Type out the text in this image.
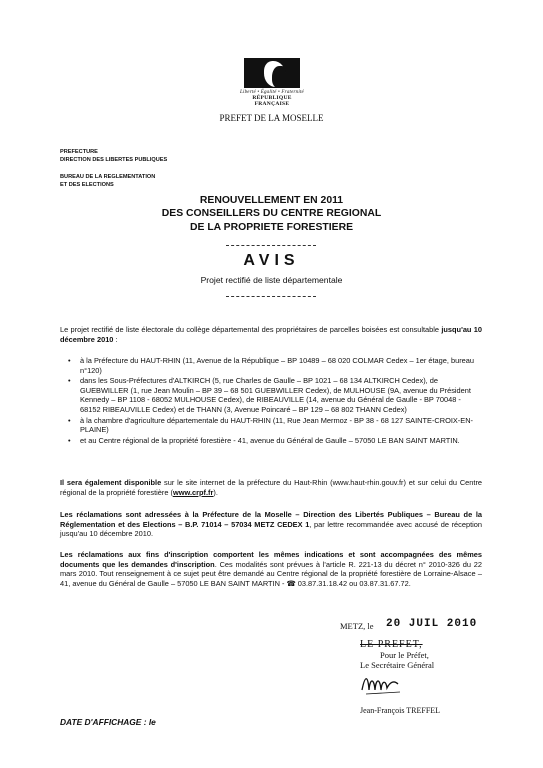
Liberté • Égalité • Fraternité
RÉPUBLIQUE FRANÇAISE
PREFET DE LA MOSELLE
PREFECTURE
DIRECTION DES LIBERTES PUBLIQUES
BUREAU DE LA REGLEMENTATION
ET DES ELECTIONS
RENOUVELLEMENT EN 2011
DES CONSEILLERS DU CENTRE REGIONAL
DE LA PROPRIETE FORESTIERE
AVIS
Projet rectifié de liste départementale
Le projet rectifié de liste électorale du collège départemental des propriétaires de parcelles boisées est consultable jusqu'au 10 décembre 2010 :
• à la Préfecture du HAUT-RHIN (11, Avenue de la République – BP 10489 – 68 020 COLMAR Cedex – 1er étage, bureau n°120)
• dans les Sous-Préfectures d'ALTKIRCH (5, rue Charles de Gaulle – BP 1021 – 68 134 ALTKIRCH Cedex), de GUEBWILLER (1, rue Jean Moulin – BP 39 – 68 501 GUEBWILLER Cedex), de MULHOUSE (9A, avenue du Président Kennedy – BP 1108 - 68052 MULHOUSE Cedex), de RIBEAUVILLE (14, avenue du Général de Gaulle - BP 70048 - 68152 RIBEAUVILLE Cedex) et de THANN (3, Avenue Poincaré – BP 129 – 68 802 THANN Cedex)
• à la chambre d'agriculture départementale du HAUT-RHIN (11, Rue Jean Mermoz - BP 38 - 68 127 SAINTE-CROIX-EN-PLAINE)
• et au Centre régional de la propriété forestière - 41, avenue du Général de Gaulle – 57050 LE BAN SAINT MARTIN.
Il sera également disponible sur le site internet de la préfecture du Haut-Rhin (www.haut-rhin.gouv.fr) et sur celui du Centre régional de la propriété forestière (www.crpf.fr).
Les réclamations sont adressées à la Préfecture de la Moselle – Direction des Libertés Publiques – Bureau de la Réglementation et des Elections – B.P. 71014 – 57034 METZ CEDEX 1, par lettre recommandée avec accusé de réception jusqu'au 10 décembre 2010.
Les réclamations aux fins d'inscription comportent les mêmes indications et sont accompagnées des mêmes documents que les demandes d'inscription. Ces modalités sont prévues à l'article R. 221-13 du décret n° 2010-326 du 22 mars 2010. Tout renseignement à ce sujet peut être demandé au Centre régional de la propriété forestière de Lorraine-Alsace – 41, avenue du Général de Gaulle – 57050 LE BAN SAINT MARTIN - ☎ 03.87.31.18.42 ou 03.87.31.67.72.
METZ, le 20 JUIL 2010
LE PREFET,
Pour le Préfet,
Le Secrétaire Général
Jean-François TREFFEL
DATE D'AFFICHAGE : le
